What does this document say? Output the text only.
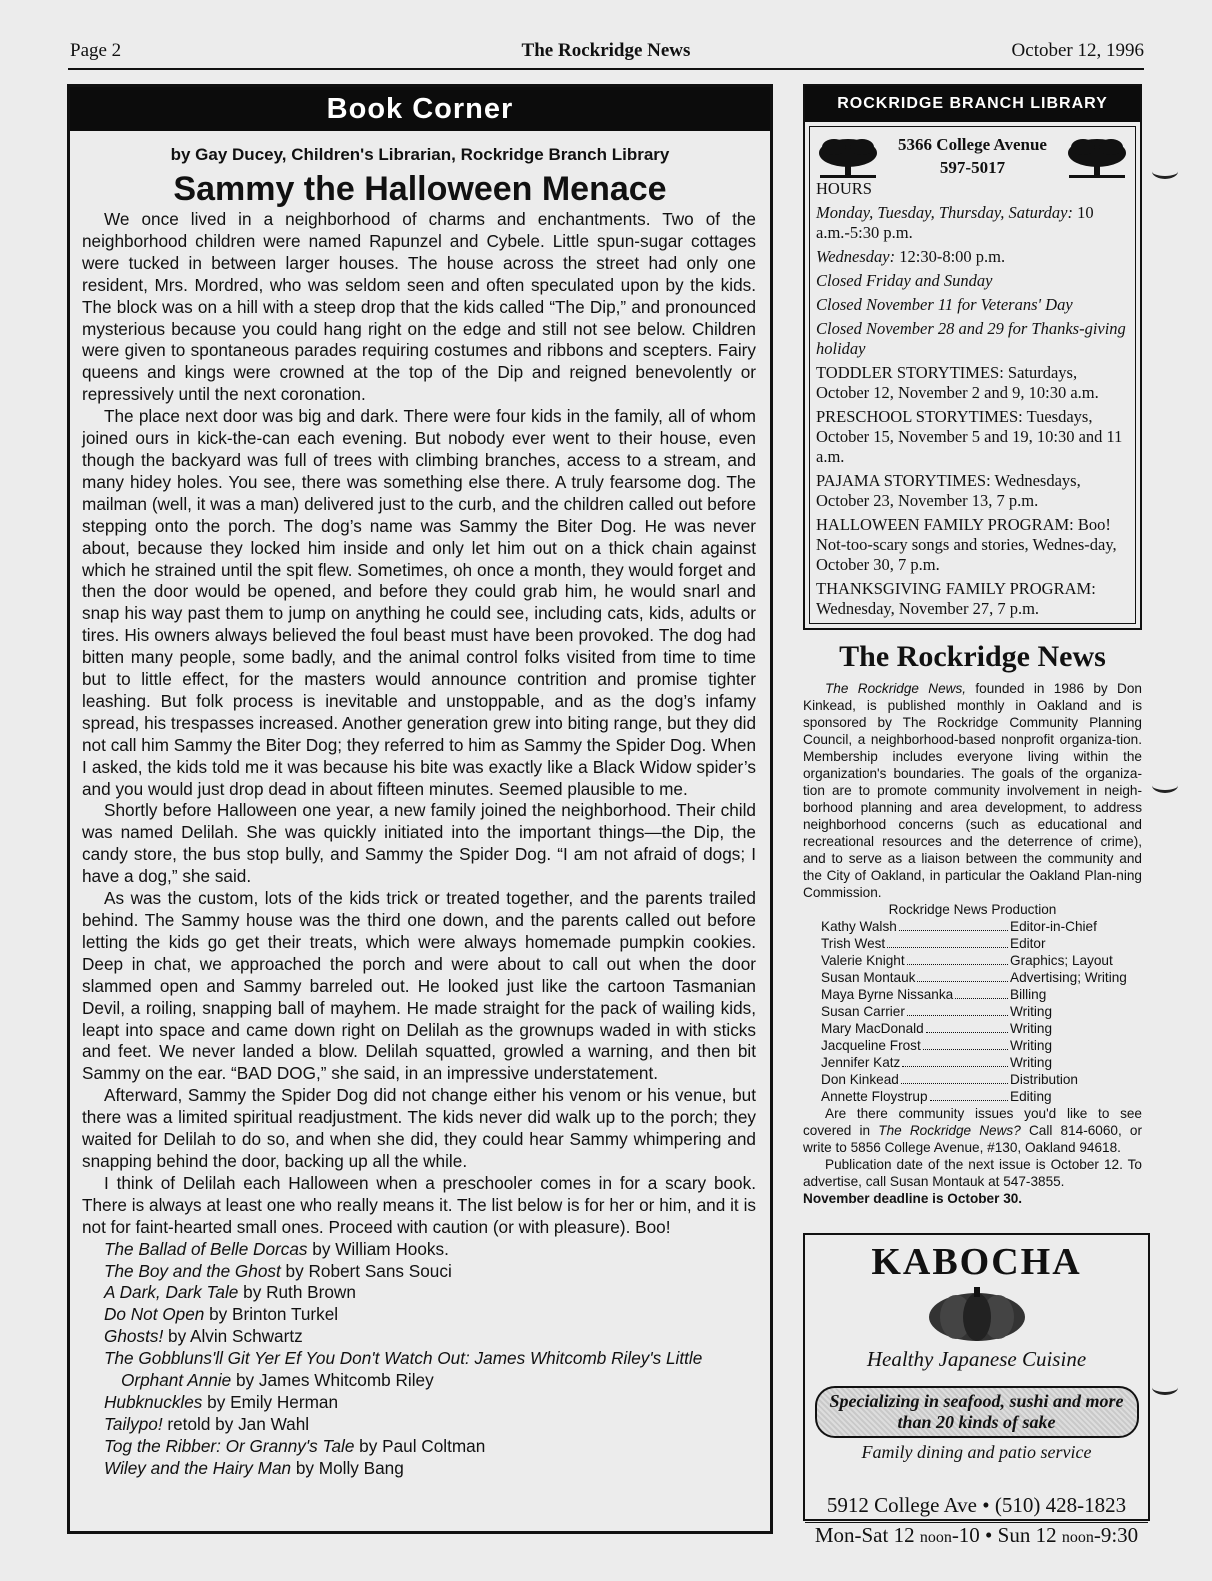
Page 2	The Rockridge News	October 12, 1996
Book Corner
by Gay Ducey, Children's Librarian, Rockridge Branch Library
Sammy the Halloween Menace

We once lived in a neighborhood of charms and enchantments. Two of the neighborhood children were named Rapunzel and Cybele. Little spun-sugar cottages were tucked in between larger houses. The house across the street had only one resident, Mrs. Mordred, who was seldom seen and often speculated upon by the kids. The block was on a hill with a steep drop that the kids called “The Dip,” and pronounced mysterious because you could hang right on the edge and still not see below. Children were given to spontaneous parades requiring costumes and ribbons and scepters. Fairy queens and kings were crowned at the top of the Dip and reigned benevolently or repressively until the next coronation.

The place next door was big and dark. There were four kids in the family, all of whom joined ours in kick-the-can each evening. But nobody ever went to their house, even though the backyard was full of trees with climbing branches, access to a stream, and many hidey holes. You see, there was something else there. A truly fearsome dog. The mailman (well, it was a man) delivered just to the curb, and the children called out before stepping onto the porch. The dog’s name was Sammy the Biter Dog. He was never about, because they locked him inside and only let him out on a thick chain against which he strained until the spit flew. Sometimes, oh once a month, they would forget and then the door would be opened, and before they could grab him, he would snarl and snap his way past them to jump on anything he could see, including cats, kids, adults or tires. His owners always believed the foul beast must have been provoked. The dog had bitten many people, some badly, and the animal control folks visited from time to time but to little effect, for the masters would announce contrition and promise tighter leashing. But folk process is inevitable and unstoppable, and as the dog’s infamy spread, his trespasses increased. Another generation grew into biting range, but they did not call him Sammy the Biter Dog; they referred to him as Sammy the Spider Dog. When I asked, the kids told me it was because his bite was exactly like a Black Widow spider’s and you would just drop dead in about fifteen minutes. Seemed plausible to me.

Shortly before Halloween one year, a new family joined the neighborhood. Their child was named Delilah. She was quickly initiated into the important things—the Dip, the candy store, the bus stop bully, and Sammy the Spider Dog. “I am not afraid of dogs; I have a dog,” she said.

As was the custom, lots of the kids trick or treated together, and the parents trailed behind. The Sammy house was the third one down, and the parents called out before letting the kids go get their treats, which were always homemade pumpkin cookies. Deep in chat, we approached the porch and were about to call out when the door slammed open and Sammy barreled out. He looked just like the cartoon Tasmanian Devil, a roiling, snapping ball of mayhem. He made straight for the pack of wailing kids, leapt into space and came down right on Delilah as the grownups waded in with sticks and feet. We never landed a blow. Delilah squatted, growled a warning, and then bit Sammy on the ear. “BAD DOG,” she said, in an impressive understatement.

Afterward, Sammy the Spider Dog did not change either his venom or his venue, but there was a limited spiritual readjustment. The kids never did walk up to the porch; they waited for Delilah to do so, and when she did, they could hear Sammy whimpering and snapping behind the door, backing up all the while.

I think of Delilah each Halloween when a preschooler comes in for a scary book. There is always at least one who really means it. The list below is for her or him, and it is not for faint-hearted small ones. Proceed with caution (or with pleasure). Boo!

The Ballad of Belle Dorcas by William Hooks.
The Boy and the Ghost by Robert Sans Souci
A Dark, Dark Tale by Ruth Brown
Do Not Open by Brinton Turkel
Ghosts! by Alvin Schwartz
The Gobbluns'll Git Yer Ef You Don't Watch Out: James Whitcomb Riley's Little Orphant Annie by James Whitcomb Riley
Hubknuckles by Emily Herman
Tailypo! retold by Jan Wahl
Tog the Ribber: Or Granny's Tale by Paul Coltman
Wiley and the Hairy Man by Molly Bang
ROCKRIDGE BRANCH LIBRARY
5366 College Avenue
597-5017
HOURS
Monday, Tuesday, Thursday, Saturday: 10 a.m.-5:30 p.m.
Wednesday: 12:30-8:00 p.m.
Closed Friday and Sunday
Closed November 11 for Veterans' Day
Closed November 28 and 29 for Thanks-giving holiday
TODDLER STORYTIMES: Saturdays, October 12, November 2 and 9, 10:30 a.m.
PRESCHOOL STORYTIMES: Tuesdays, October 15, November 5 and 19, 10:30 and 11 a.m.
PAJAMA STORYTIMES: Wednesdays, October 23, November 13, 7 p.m.
HALLOWEEN FAMILY PROGRAM: Boo! Not-too-scary songs and stories, Wednes-day, October 30, 7 p.m.
THANKSGIVING FAMILY PROGRAM: Wednesday, November 27, 7 p.m.
The Rockridge News

The Rockridge News, founded in 1986 by Don Kinkead, is published monthly in Oakland and is sponsored by The Rockridge Community Planning Council, a neighborhood-based nonprofit organiza-tion. Membership includes everyone living within the organization's boundaries. The goals of the organiza-tion are to promote community involvement in neigh-borhood planning and area development, to address neighborhood concerns (such as educational and recreational resources and the deterrence of crime), and to serve as a liaison between the community and the City of Oakland, in particular the Oakland Plan-ning Commission.

Rockridge News Production
Kathy Walsh	Editor-in-Chief
Trish West	Editor
Valerie Knight	Graphics; Layout
Susan Montauk	Advertising; Writing
Maya Byrne Nissanka	Billing
Susan Carrier	Writing
Mary MacDonald	Writing
Jacqueline Frost	Writing
Jennifer Katz	Writing
Don Kinkead	Distribution
Annette Floystrup	Editing

Are there community issues you'd like to see covered in The Rockridge News? Call 814-6060, or write to 5856 College Avenue, #130, Oakland 94618.

Publication date of the next issue is October 12. To advertise, call Susan Montauk at 547-3855.

November deadline is October 30.

KABOCHA
Healthy Japanese Cuisine
Specializing in seafood, sushi and more than 20 kinds of sake
Family dining and patio service
5912 College Ave • (510) 428-1823
Mon-Sat 12 noon-10 • Sun 12 noon-9:30
